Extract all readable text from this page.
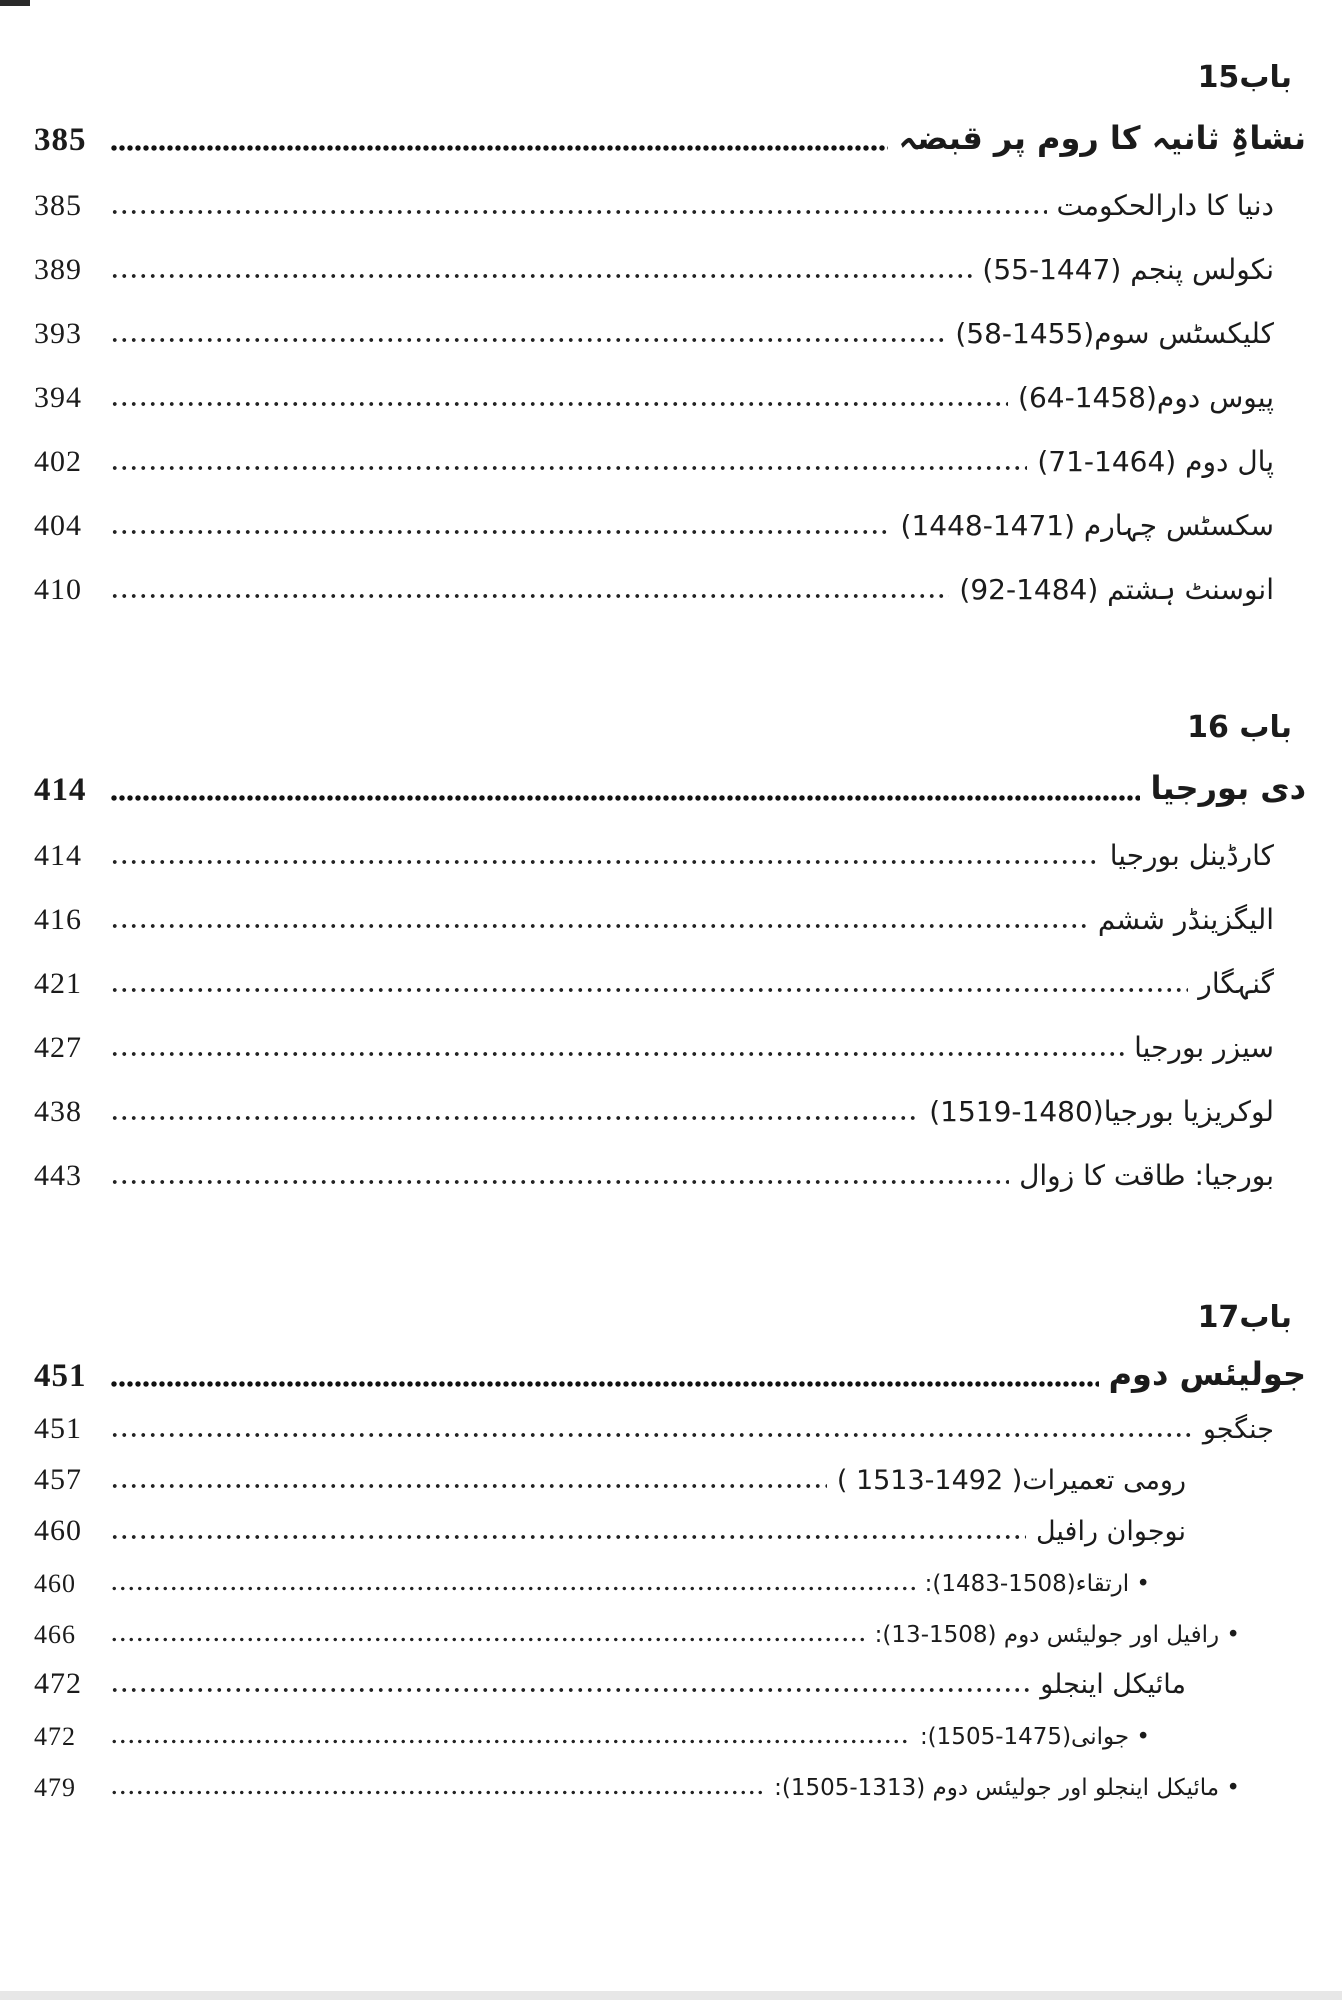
باب15
385	نشاۃِ ثانیہ کا روم پر قبضہ
385	دنیا کا دارالحکومت
389	نکولس پنجم (1447-55)
393	کلیکسٹس سوم(1455-58)
394	پیوس دوم(1458-64)
402	پال دوم (1464-71)
404	سکسٹس چہارم (1471-1448)
410	انوسنٹ ہشتم (1484-92)
باب 16
414	دی بورجیا
414	کارڈینل بورجیا
416	الیگزینڈر ششم
421	گنہگار
427	سیزر بورجیا
438	لوکریزیا بورجیا(1480-1519)
443	بورجیا: طاقت کا زوال
باب17
451	جولیئس دوم
451	جنگجو
457	رومی تعمیرات( 1492-1513 )
460	نوجوان رافیل
460	• ارتقاء(1508-1483):
466	• رافیل اور جولیئس دوم (1508-13):
472	مائیکل اینجلو
472	• جوانی(1475-1505):
479	• مائیکل اینجلو اور جولیئس دوم (1313-1505):
